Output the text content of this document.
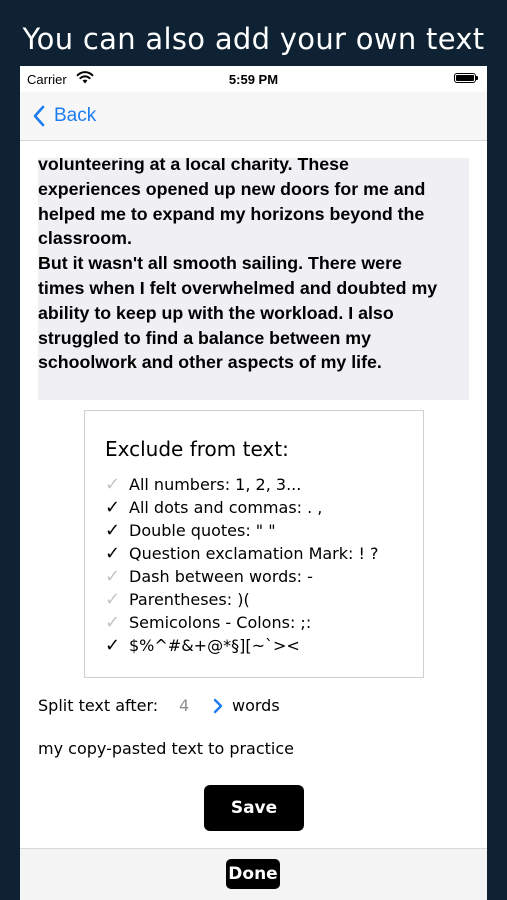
You can also add your own text
Carrier	5:59 PM
Back
volunteering at a local charity. These
experiences opened up new doors for me and
helped me to expand my horizons beyond the
classroom.
But it wasn't all smooth sailing. There were
times when I felt overwhelmed and doubted my
ability to keep up with the workload. I also
struggled to find a balance between my
schoolwork and other aspects of my life.
Exclude from text:
✓ All numbers: 1, 2, 3...
✓ All dots and commas: . ,
✓ Double quotes: " "
✓ Question exclamation Mark: ! ?
✓ Dash between words: -
✓ Parentheses: )(
✓ Semicolons - Colons: ;:
✓ $%^#&+@*§][~`><
Split text after: 4	words
my copy-pasted text to practice
Save
Done
